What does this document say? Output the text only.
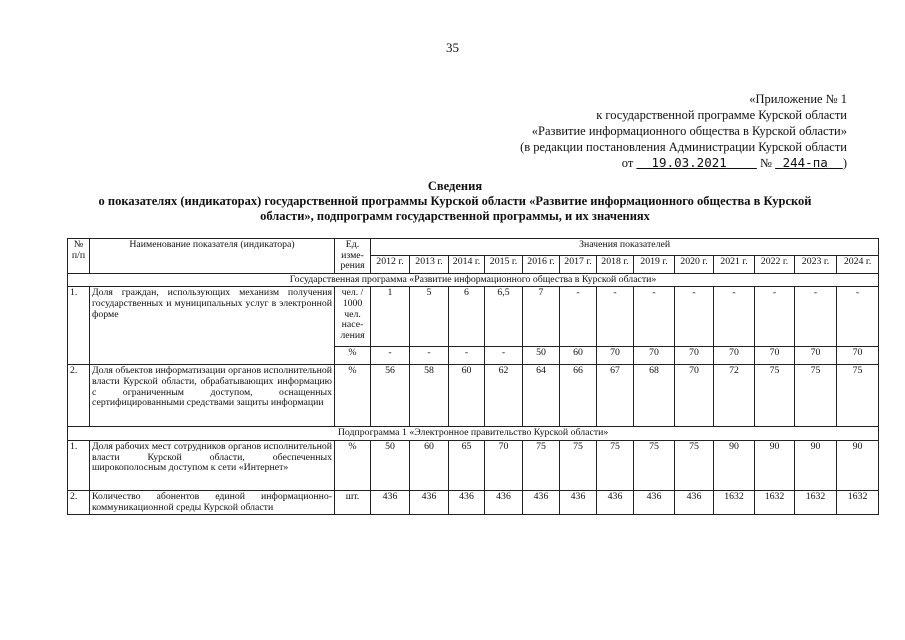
35
«Приложение № 1
к государственной программе Курской области
«Развитие информационного общества в Курской области»
(в редакции постановления Администрации Курской области
от 19.03.2021	№ 244-па )
Сведения
о показателях (индикаторах) государственной программы Курской области «Развитие информационного общества в Курской
области», подпрограмм государственной программы, и их значениях
№ п/п	Наименование показателя (индикатора)	Ед. изме-рения	Значения показателей												
			2012 г.	2013 г.	2014 г.	2015 г.	2016 г.	2017 г.	2018 г.	2019 г.	2020 г.	2021 г.	2022 г.	2023 г.	2024 г.
Государственная программа «Развитие информационного общества в Курской области»															
1.	Доля граждан, использующих механизм получения государственных и муниципальных услуг в электронной форме	чел. / 1000 чел. насе-ления	1	5	6	6,5	7	-	-	-	-	-	-	-	-
		%	-	-	-	-	50	60	70	70	70	70	70	70	70
2.	Доля объектов информатизации органов исполнительной власти Курской области, обрабатывающих информацию с ограниченным доступом, оснащенных сертифицированными средствами защиты информации	%	56	58	60	62	64	66	67	68	70	72	75	75	75
Подпрограмма 1 «Электронное правительство Курской области»															
1.	Доля рабочих мест сотрудников органов исполнительной власти Курской области, обеспеченных широкополосным доступом к сети «Интернет»	%	50	60	65	70	75	75	75	75	75	90	90	90	90
2.	Количество абонентов единой информационно-коммуникационной среды Курской области	шт.	436	436	436	436	436	436	436	436	436	1632	1632	1632	1632
